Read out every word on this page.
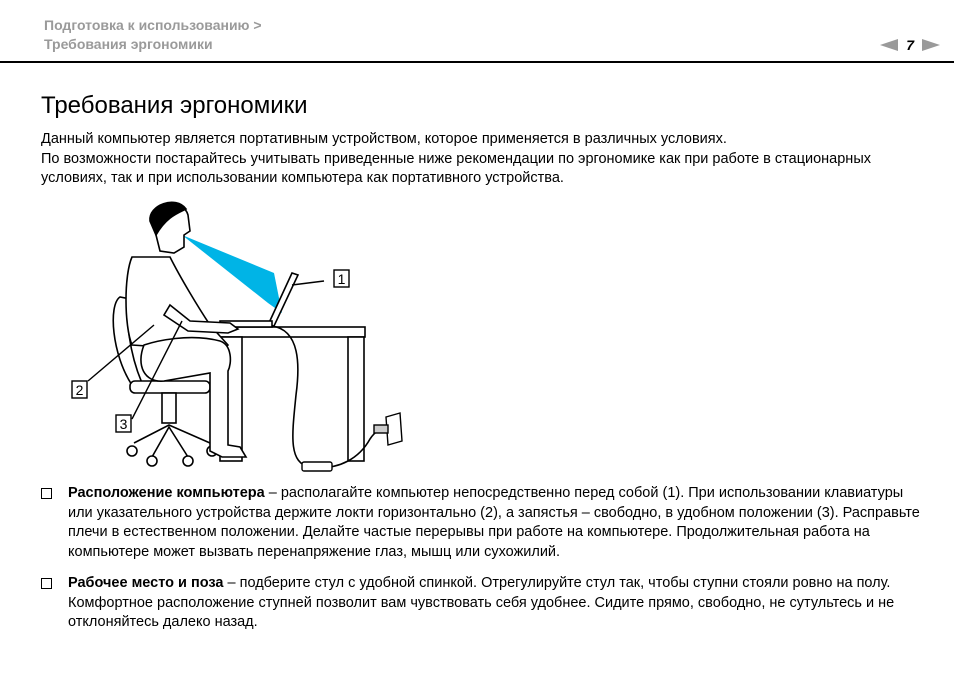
Подготовка к использованию >
Требования эргономики	7
Требования эргономики
Данный компьютер является портативным устройством, которое применяется в различных условиях.
По возможности постарайтесь учитывать приведенные ниже рекомендации по эргономике как при работе в стационарных условиях, так и при использовании компьютера как портативного устройства.
1
2
3
Расположение компьютера – располагайте компьютер непосредственно перед собой (1). При использовании клавиатуры или указательного устройства держите локти горизонтально (2), а запястья – свободно, в удобном положении (3). Расправьте плечи в естественном положении. Делайте частые перерывы при работе на компьютере. Продолжительная работа на компьютере может вызвать перенапряжение глаз, мышц или сухожилий.
Рабочее место и поза – подберите стул с удобной спинкой. Отрегулируйте стул так, чтобы ступни стояли ровно на полу. Комфортное расположение ступней позволит вам чувствовать себя удобнее. Сидите прямо, свободно, не сутультесь и не отклоняйтесь далеко назад.
